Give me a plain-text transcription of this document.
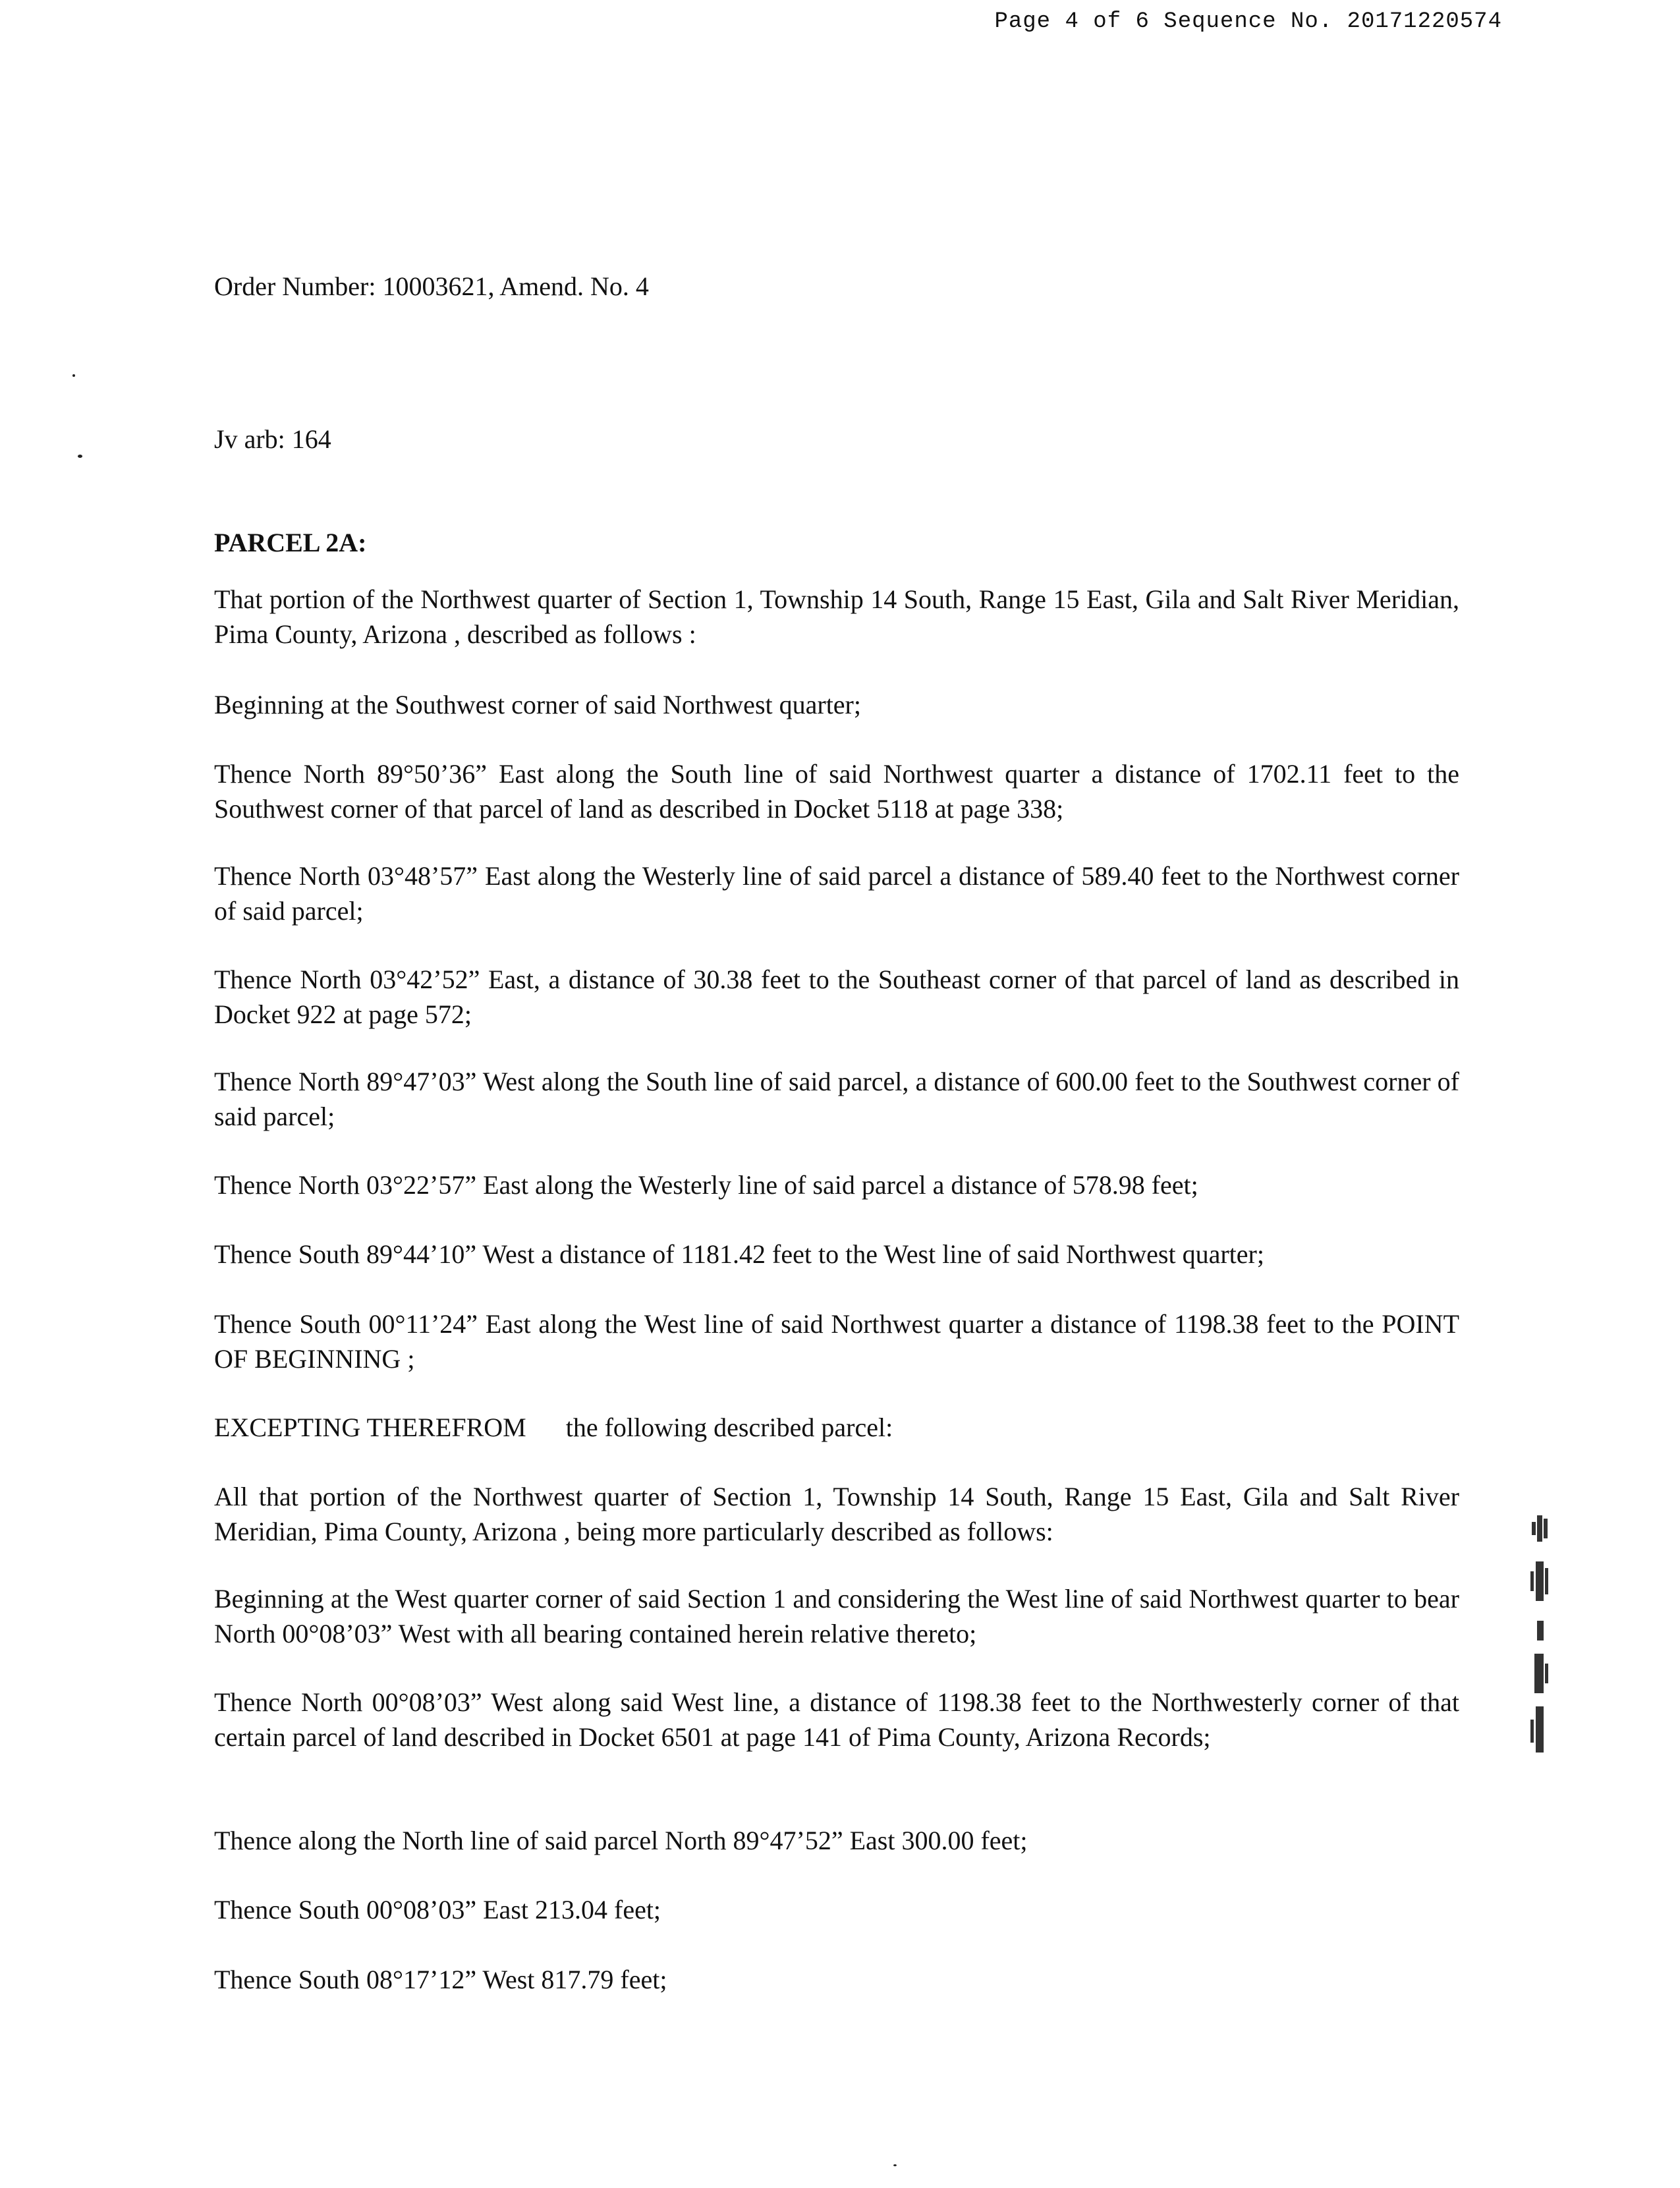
Page 4 of 6 Sequence No. 20171220574
Order Number: 10003621, Amend. No. 4
Jv arb: 164
PARCEL 2A:
That portion of the Northwest quarter of Section 1, Township 14 South, Range 15 East, Gila and Salt River Meridian, Pima County, Arizona , described as follows :
Beginning at the Southwest corner of said Northwest quarter;
Thence North 89°50’36” East along the South line of said Northwest quarter a distance of 1702.11 feet to the Southwest corner of that parcel of land as described in Docket 5118 at page 338;
Thence North 03°48’57” East along the Westerly line of said parcel a distance of 589.40 feet to the Northwest corner of said parcel;
Thence North 03°42’52” East, a distance of 30.38 feet to the Southeast corner of that parcel of land as described in Docket 922 at page 572;
Thence North 89°47’03” West along the South line of said parcel, a distance of 600.00 feet to the Southwest corner of said parcel;
Thence North 03°22’57” East along the Westerly line of said parcel a distance of 578.98 feet;
Thence South 89°44’10” West a distance of 1181.42 feet to the West line of said Northwest quarter;
Thence South 00°11’24” East along the West line of said Northwest quarter a distance of 1198.38 feet to the POINT OF BEGINNING ;
EXCEPTING THEREFROM the following described parcel:
All that portion of the Northwest quarter of Section 1, Township 14 South, Range 15 East, Gila and Salt River Meridian, Pima County, Arizona , being more particularly described as follows:
Beginning at the West quarter corner of said Section 1 and considering the West line of said Northwest quarter to bear North 00°08’03” West with all bearing contained herein relative thereto;
Thence North 00°08’03” West along said West line, a distance of 1198.38 feet to the Northwesterly corner of that certain parcel of land described in Docket 6501 at page 141 of Pima County, Arizona Records;
Thence along the North line of said parcel North 89°47’52” East 300.00 feet;
Thence South 00°08’03” East 213.04 feet;
Thence South 08°17’12” West 817.79 feet;
